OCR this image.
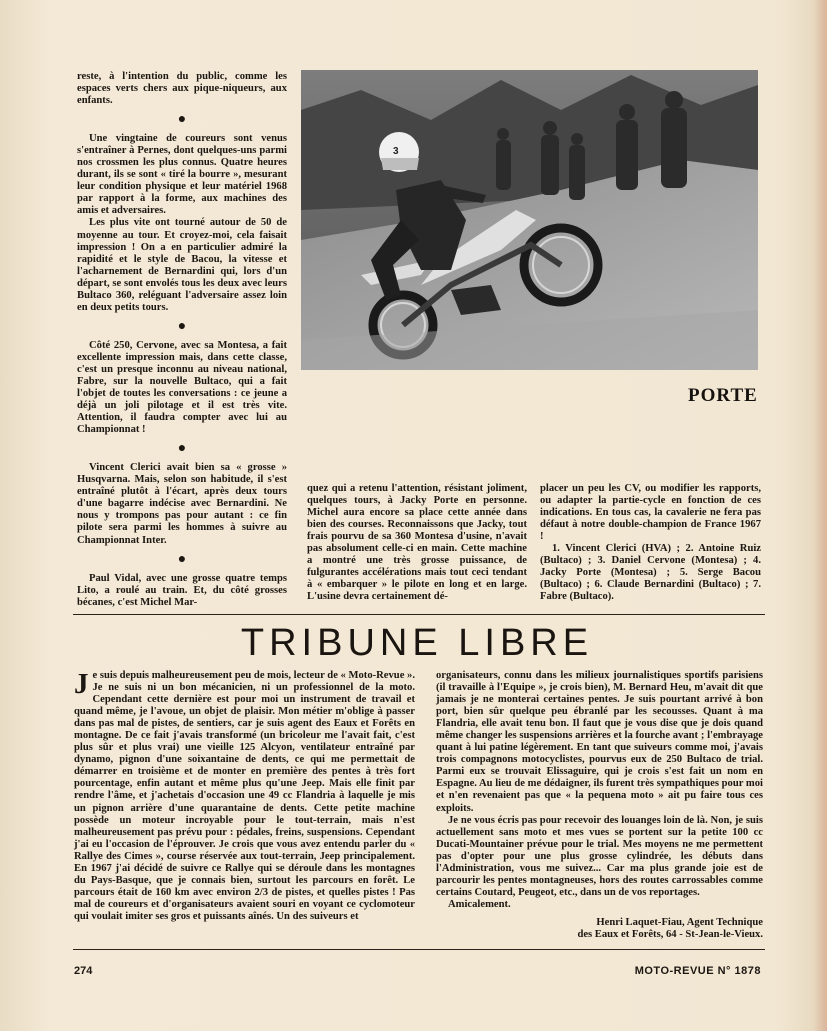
reste, à l'intention du public, comme les espaces verts chers aux pique-niqueurs, aux enfants.

●

Une vingtaine de coureurs sont venus s'entraîner à Pernes, dont quelques-uns parmi nos crossmen les plus connus. Quatre heures durant, ils se sont « tiré la bourre », mesurant leur condition physique et leur matériel 1968 par rapport à la forme, aux machines des amis et adversaires.

Les plus vite ont tourné autour de 50 de moyenne au tour. Et croyez-moi, cela faisait impression ! On a en particulier admiré la rapidité et le style de Bacou, la vitesse et l'acharnement de Bernardini qui, lors d'un départ, se sont envolés tous les deux avec leurs Bultaco 360, reléguant l'adversaire assez loin en deux petits tours.

●

Côté 250, Cervone, avec sa Montesa, a fait excellente impression mais, dans cette classe, c'est un presque inconnu au niveau national, Fabre, sur la nouvelle Bultaco, qui a fait l'objet de toutes les conversations : ce jeune a déjà un joli pilotage et il est très vite. Attention, il faudra compter avec lui au Championnat !

●

Vincent Clerici avait bien sa « grosse » Husqvarna. Mais, selon son habitude, il s'est entraîné plutôt à l'écart, après deux tours d'une bagarre indécise avec Bernardini. Ne nous y trompons pas pour autant : ce fin pilote sera parmi les hommes à suivre au Championnat Inter.

●

Paul Vidal, avec une grosse quatre temps Lito, a roulé au train. Et, du côté grosses bécanes, c'est Michel Mar-

3
PORTE

quez qui a retenu l'attention, résistant joliment, quelques tours, à Jacky Porte en personne. Michel aura encore sa place cette année dans bien des courses. Reconnaissons que Jacky, tout frais pourvu de sa 360 Montesa d'usine, n'avait pas absolument celle-ci en main. Cette machine a montré une très grosse puissance, de fulgurantes accélérations mais tout ceci tendant à « embarquer » le pilote en long et en large. L'usine devra certainement dé-

placer un peu les CV, ou modifier les rapports, ou adapter la partie-cycle en fonction de ces indications. En tous cas, la cavalerie ne fera pas défaut à notre double-champion de France 1967 !

1. Vincent Clerici (HVA) ; 2. Antoine Ruiz (Bultaco) ; 3. Daniel Cervone (Montesa) ; 4. Jacky Porte (Montesa) ; 5. Serge Bacou (Bultaco) ; 6. Claude Bernardini (Bultaco) ; 7. Fabre (Bultaco).

TRIBUNE LIBRE

Je suis depuis malheureusement peu de mois, lecteur de « Moto-Revue ». Je ne suis ni un bon mécanicien, ni un professionnel de la moto. Cependant cette dernière est pour moi un instrument de travail et quand même, je l'avoue, un objet de plaisir. Mon métier m'oblige à passer dans pas mal de pistes, de sentiers, car je suis agent des Eaux et Forêts en montagne. De ce fait j'avais transformé (un bricoleur me l'avait fait, c'est plus sûr et plus vrai) une vieille 125 Alcyon, ventilateur entraîné par dynamo, pignon d'une soixantaine de dents, ce qui me permettait de démarrer en troisième et de monter en première des pentes à très fort pourcentage, enfin autant et même plus qu'une Jeep. Mais elle finit par rendre l'âme, et j'achetais d'occasion une 49 cc Flandria à laquelle je mis un pignon arrière d'une quarantaine de dents. Cette petite machine possède un moteur incroyable pour le tout-terrain, mais n'est malheureusement pas prévu pour : pédales, freins, suspensions. Cependant j'ai eu l'occasion de l'éprouver. Je crois que vous avez entendu parler du « Rallye des Cimes », course réservée aux tout-terrain, Jeep principalement. En 1967 j'ai décidé de suivre ce Rallye qui se déroule dans les montagnes du Pays-Basque, que je connais bien, surtout les parcours en forêt. Le parcours était de 160 km avec environ 2/3 de pistes, et quelles pistes ! Pas mal de coureurs et d'organisateurs avaient souri en voyant ce cyclomoteur qui voulait imiter ses gros et puissants aînés. Un des suiveurs et

organisateurs, connu dans les milieux journalistiques sportifs parisiens (il travaille à l'Equipe », je crois bien), M. Bernard Heu, m'avait dit que jamais je ne monterai certaines pentes. Je suis pourtant arrivé à bon port, bien sûr quelque peu ébranlé par les secousses. Quant à ma Flandria, elle avait tenu bon. Il faut que je vous dise que je dois quand même changer les suspensions arrières et la fourche avant ; l'embrayage quant à lui patine légèrement. En tant que suiveurs comme moi, j'avais trois compagnons motocyclistes, pourvus eux de 250 Bultaco de trial. Parmi eux se trouvait Elissaguire, qui je crois s'est fait un nom en Espagne. Au lieu de me dédaigner, ils furent très sympathiques pour moi et n'en revenaient pas que « la pequena moto » ait pu faire tous ces exploits.

Je ne vous écris pas pour recevoir des louanges loin de là. Non, je suis actuellement sans moto et mes vues se portent sur la petite 100 cc Ducati-Mountainer prévue pour le trial. Mes moyens ne me permettent pas d'opter pour une plus grosse cylindrée, les débuts dans l'Administration, vous me suivez... Car ma plus grande joie est de parcourir les pentes montagneuses, hors des routes carrossables comme certains Coutard, Peugeot, etc., dans un de vos reportages.

Amicalement.

Henri Laquet-Fiau, Agent Technique

des Eaux et Forêts, 64 - St-Jean-le-Vieux.

274	MOTO-REVUE N° 1878
